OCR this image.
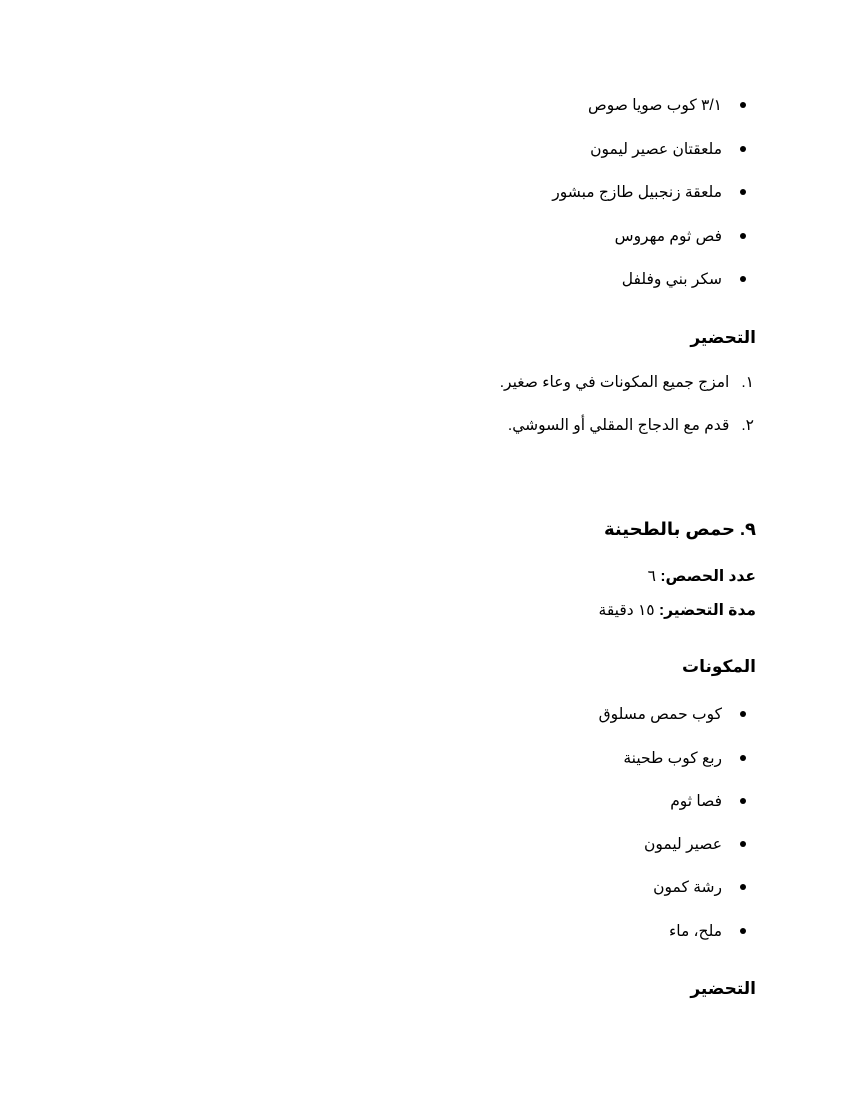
٣/١ كوب صويا صوص
ملعقتان عصير ليمون
ملعقة زنجبيل طازج مبشور
فص ثوم مهروس
سكر بني وفلفل
التحضير
١.امزج جميع المكونات في وعاء صغير.
٢.قدم مع الدجاج المقلي أو السوشي.
٩. حمص بالطحينة
عدد الحصص: ٦
مدة التحضير: ١٥ دقيقة
المكونات
كوب حمص مسلوق
ربع كوب طحينة
فصا ثوم
عصير ليمون
رشة كمون
ملح، ماء
التحضير
